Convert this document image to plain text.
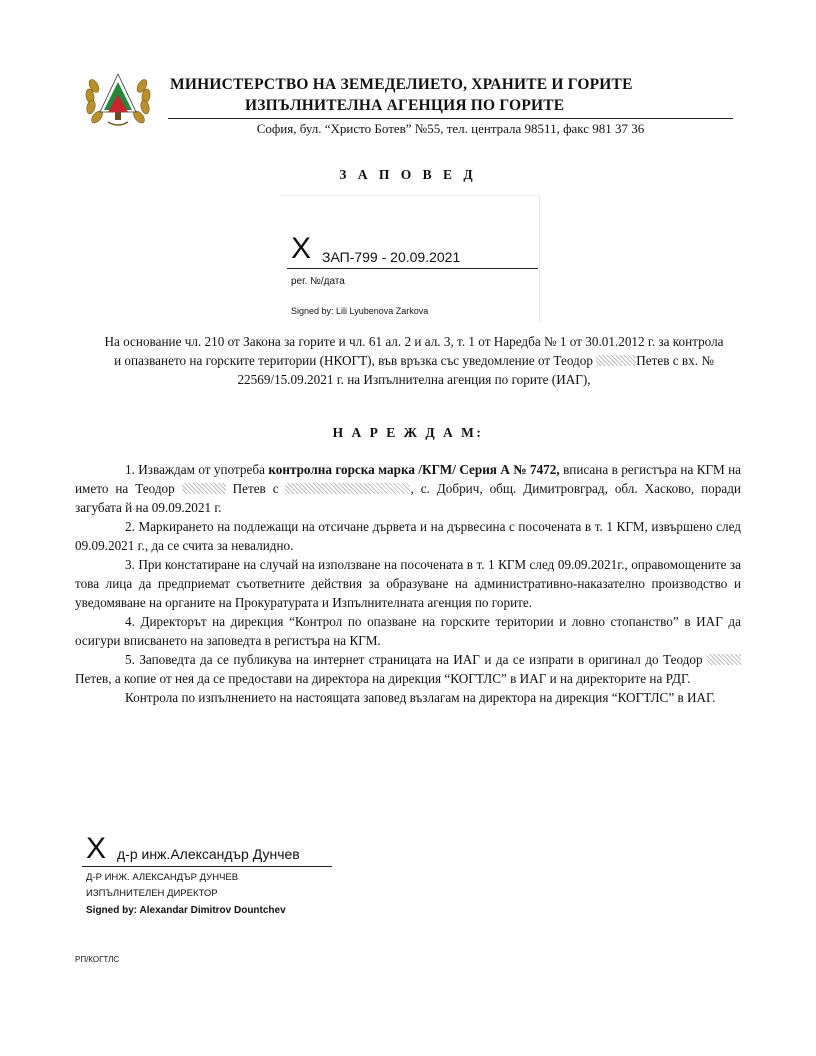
МИНИСТЕРСТВО НА ЗЕМЕДЕЛИЕТО, ХРАНИТЕ И ГОРИТЕ
ИЗПЪЛНИТЕЛНА АГЕНЦИЯ ПО ГОРИТЕ
София, бул. “Христо Ботев” №55, тел. централа 98511, факс 981 37 36
З А П О В Е Д
X ЗАП-799 - 20.09.2021
рег. №/дата
Signed by: Lili Lyubenova Zarkova
На основание чл. 210 от Закона за горите и чл. 61 ал. 2 и ал. 3, т. 1 от Наредба № 1 от 30.01.2012 г. за контрола и опазването на горските територии (НКОГТ), във връзка със уведомление от Теодор	Петев с вх. № 22569/15.09.2021 г. на Изпълнителна агенция по горите (ИАГ),
Н А Р Е Ж Д А М:

1. Изваждам от употреба контролна горска марка /КГМ/ Серия А № 7472, вписана в регистъра на КГМ на името на Теодор	Петев с	, с. Добрич, общ. Димитровград, обл. Хасково, поради загубата й на 09.09.2021 г.

2. Маркирането на подлежащи на отсичане дървета и на дървесина с посочената в т. 1 КГМ, извършено след 09.09.2021 г., да се счита за невалидно.

3. При констатиране на случай на използване на посочената в т. 1 КГМ след 09.09.2021г., оправомощените за това лица да предприемат съответните действия за образуване на административно-наказателно производство и уведомяване на органите на Прокуратурата и Изпълнителната агенция по горите.

4. Директорът на дирекция “Контрол по опазване на горските територии и ловно стопанство” в ИАГ да осигури вписването на заповедта в регистъра на КГМ.

5. Заповедта да се публикува на интернет страницата на ИАГ и да се изпрати в оригинал до Теодор Петев, а копие от нея да се предостави на директора на дирекция “КОГТЛС” в ИАГ и на директорите на РДГ.

Контрола по изпълнението на настоящата заповед възлагам на директора на дирекция “КОГТЛС” в ИАГ.

X д-р инж.Александър Дунчев
Д-Р ИНЖ. АЛЕКСАНДЪР ДУНЧЕВ
ИЗПЪЛНИТЕЛЕН ДИРЕКТОР
Signed by: Alexandar Dimitrov Dountchev
РП/КОГТЛС
